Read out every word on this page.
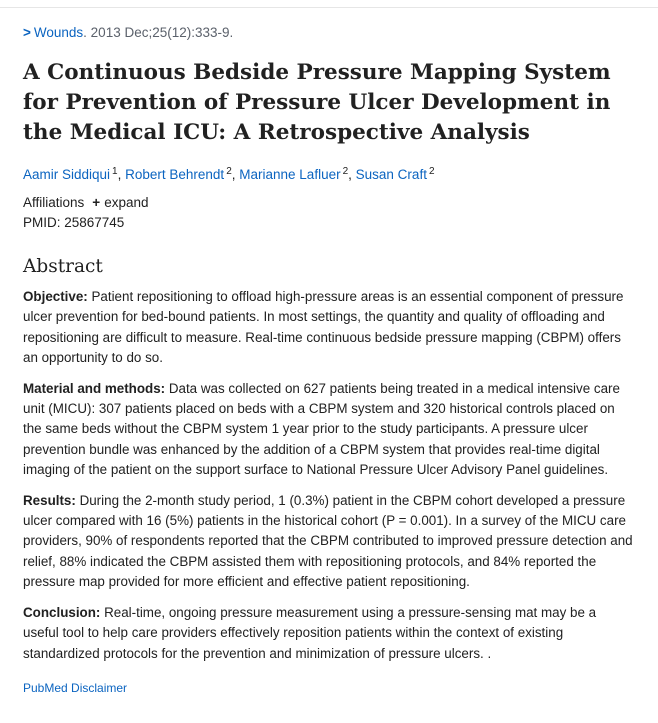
> Wounds. 2013 Dec;25(12):333-9.
A Continuous Bedside Pressure Mapping System for Prevention of Pressure Ulcer Development in the Medical ICU: A Retrospective Analysis
Aamir Siddiqui $^1$, Robert Behrendt $^2$, Marianne Lafluer $^2$, Susan Craft $^2$
Affiliations + expand
PMID: 25867745
Abstract

Objective: Patient repositioning to offload high-pressure areas is an essential component of pressure ulcer prevention for bed-bound patients. In most settings, the quantity and quality of offloading and repositioning are difficult to measure. Real-time continuous bedside pressure mapping (CBPM) offers an opportunity to do so.

Material and methods: Data was collected on 627 patients being treated in a medical intensive care unit (MICU): 307 patients placed on beds with a CBPM system and 320 historical controls placed on the same beds without the CBPM system 1 year prior to the study participants. A pressure ulcer prevention bundle was enhanced by the addition of a CBPM system that provides real-time digital imaging of the patient on the support surface to National Pressure Ulcer Advisory Panel guidelines.

Results: During the 2-month study period, 1 (0.3%) patient in the CBPM cohort developed a pressure ulcer compared with 16 (5%) patients in the historical cohort (P = 0.001). In a survey of the MICU care providers, 90% of respondents reported that the CBPM contributed to improved pressure detection and relief, 88% indicated the CBPM assisted them with repositioning protocols, and 84% reported the pressure map provided for more efficient and effective patient repositioning.

Conclusion: Real-time, ongoing pressure measurement using a pressure-sensing mat may be a useful tool to help care providers effectively reposition patients within the context of existing standardized protocols for the prevention and minimization of pressure ulcers. .

PubMed Disclaimer
